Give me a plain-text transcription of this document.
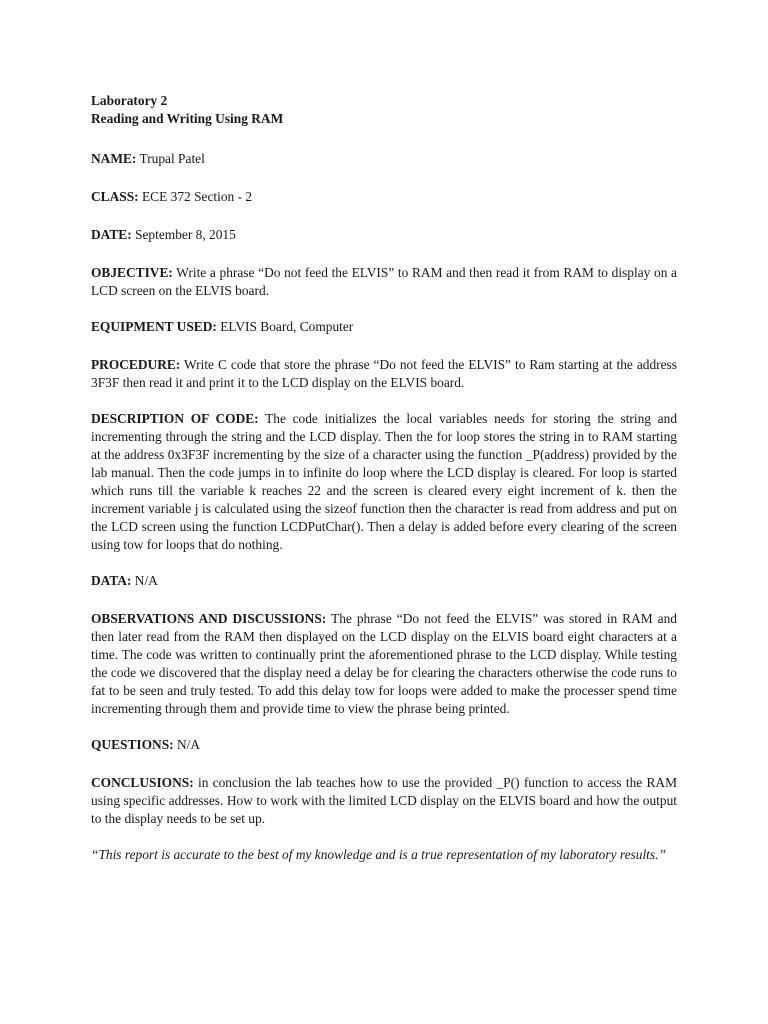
Laboratory 2
Reading and Writing Using RAM

NAME: Trupal Patel

CLASS: ECE 372 Section - 2

DATE: September 8, 2015

OBJECTIVE: Write a phrase “Do not feed the ELVIS” to RAM and then read it from RAM to display on a LCD screen on the ELVIS board.

EQUIPMENT USED: ELVIS Board, Computer

PROCEDURE: Write C code that store the phrase “Do not feed the ELVIS” to Ram starting at the address 3F3F then read it and print it to the LCD display on the ELVIS board.

DESCRIPTION OF CODE: The code initializes the local variables needs for storing the string and incrementing through the string and the LCD display. Then the for loop stores the string in to RAM starting at the address 0x3F3F incrementing by the size of a character using the function _P(address) provided by the lab manual. Then the code jumps in to infinite do loop where the LCD display is cleared. For loop is started which runs till the variable k reaches 22 and the screen is cleared every eight increment of k. then the increment variable j is calculated using the sizeof function then the character is read from address and put on the LCD screen using the function LCDPutChar(). Then a delay is added before every clearing of the screen using tow for loops that do nothing.

DATA: N/A

OBSERVATIONS AND DISCUSSIONS: The phrase “Do not feed the ELVIS” was stored in RAM and then later read from the RAM then displayed on the LCD display on the ELVIS board eight characters at a time. The code was written to continually print the aforementioned phrase to the LCD display. While testing the code we discovered that the display need a delay be for clearing the characters otherwise the code runs to fat to be seen and truly tested. To add this delay tow for loops were added to make the processer spend time incrementing through them and provide time to view the phrase being printed.

QUESTIONS: N/A

CONCLUSIONS: in conclusion the lab teaches how to use the provided _P() function to access the RAM using specific addresses. How to work with the limited LCD display on the ELVIS board and how the output to the display needs to be set up.

“This report is accurate to the best of my knowledge and is a true representation of my laboratory results.”
